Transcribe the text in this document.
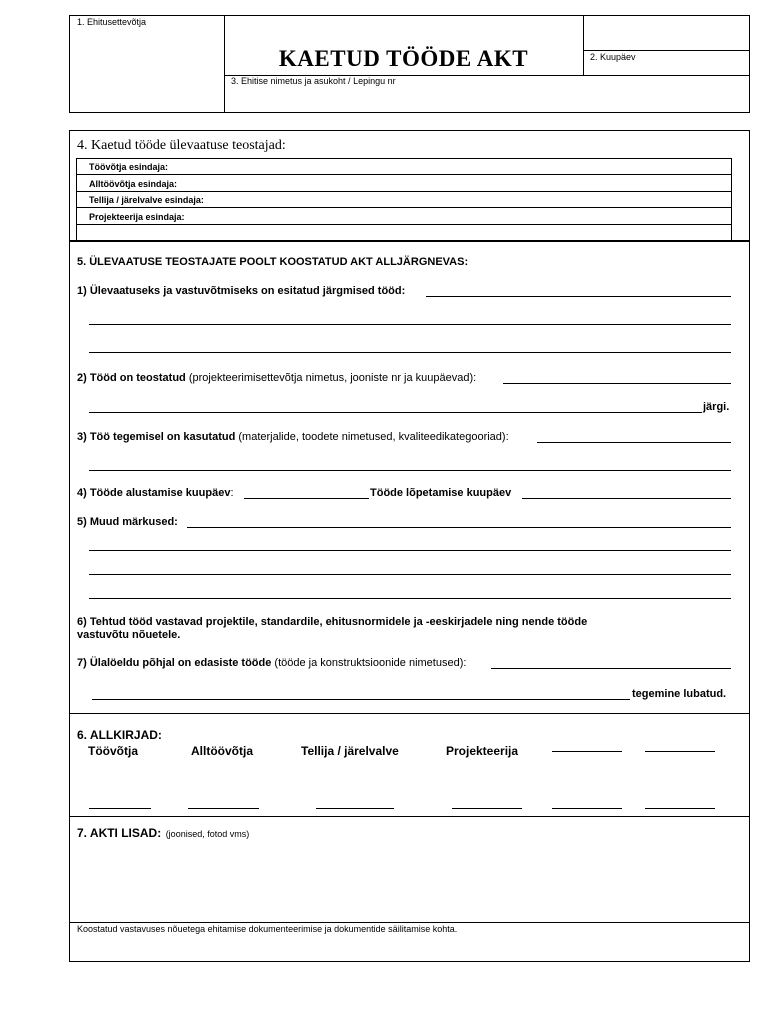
1. Ehitusettevõtja
KAETUD TÖÖDE AKT	2. Kuupäev
3. Ehitise nimetus ja asukoht / Lepingu nr
4. Kaetud tööde ülevaatuse teostajad:
Töövõtja esindaja:
Alltöövõtja esindaja:
Tellija / järelvalve esindaja:
Projekteerija esindaja:
5. ÜLEVAATUSE TEOSTAJATE POOLT KOOSTATUD AKT ALLJÄRGNEVAS:
1) Ülevaatuseks ja vastuvõtmiseks on esitatud järgmised tööd:
2) Tööd on teostatud (projekteerimisettevõtja nimetus, jooniste nr ja kuupäevad):
järgi.
3) Töö tegemisel on kasutatud (materjalide, toodete nimetused, kvaliteedikategooriad):
4) Tööde alustamise kuupäev:	Tööde lõpetamise kuupäev
5) Muud märkused:
6) Tehtud tööd vastavad projektile, standardile, ehitusnormidele ja -eeskirjadele ning nende tööde
vastuvõtu nõuetele.
7) Ülalöeldu põhjal on edasiste tööde (tööde ja konstruktsioonide nimetused):
tegemine lubatud.
6. ALLKIRJAD:
Töövõtja	Alltöövõtja	Tellija / järelvalve	Projekteerija
7. AKTI LISAD: (joonised, fotod vms)
Koostatud vastavuses nõuetega ehitamise dokumenteerimise ja dokumentide säilitamise kohta.
